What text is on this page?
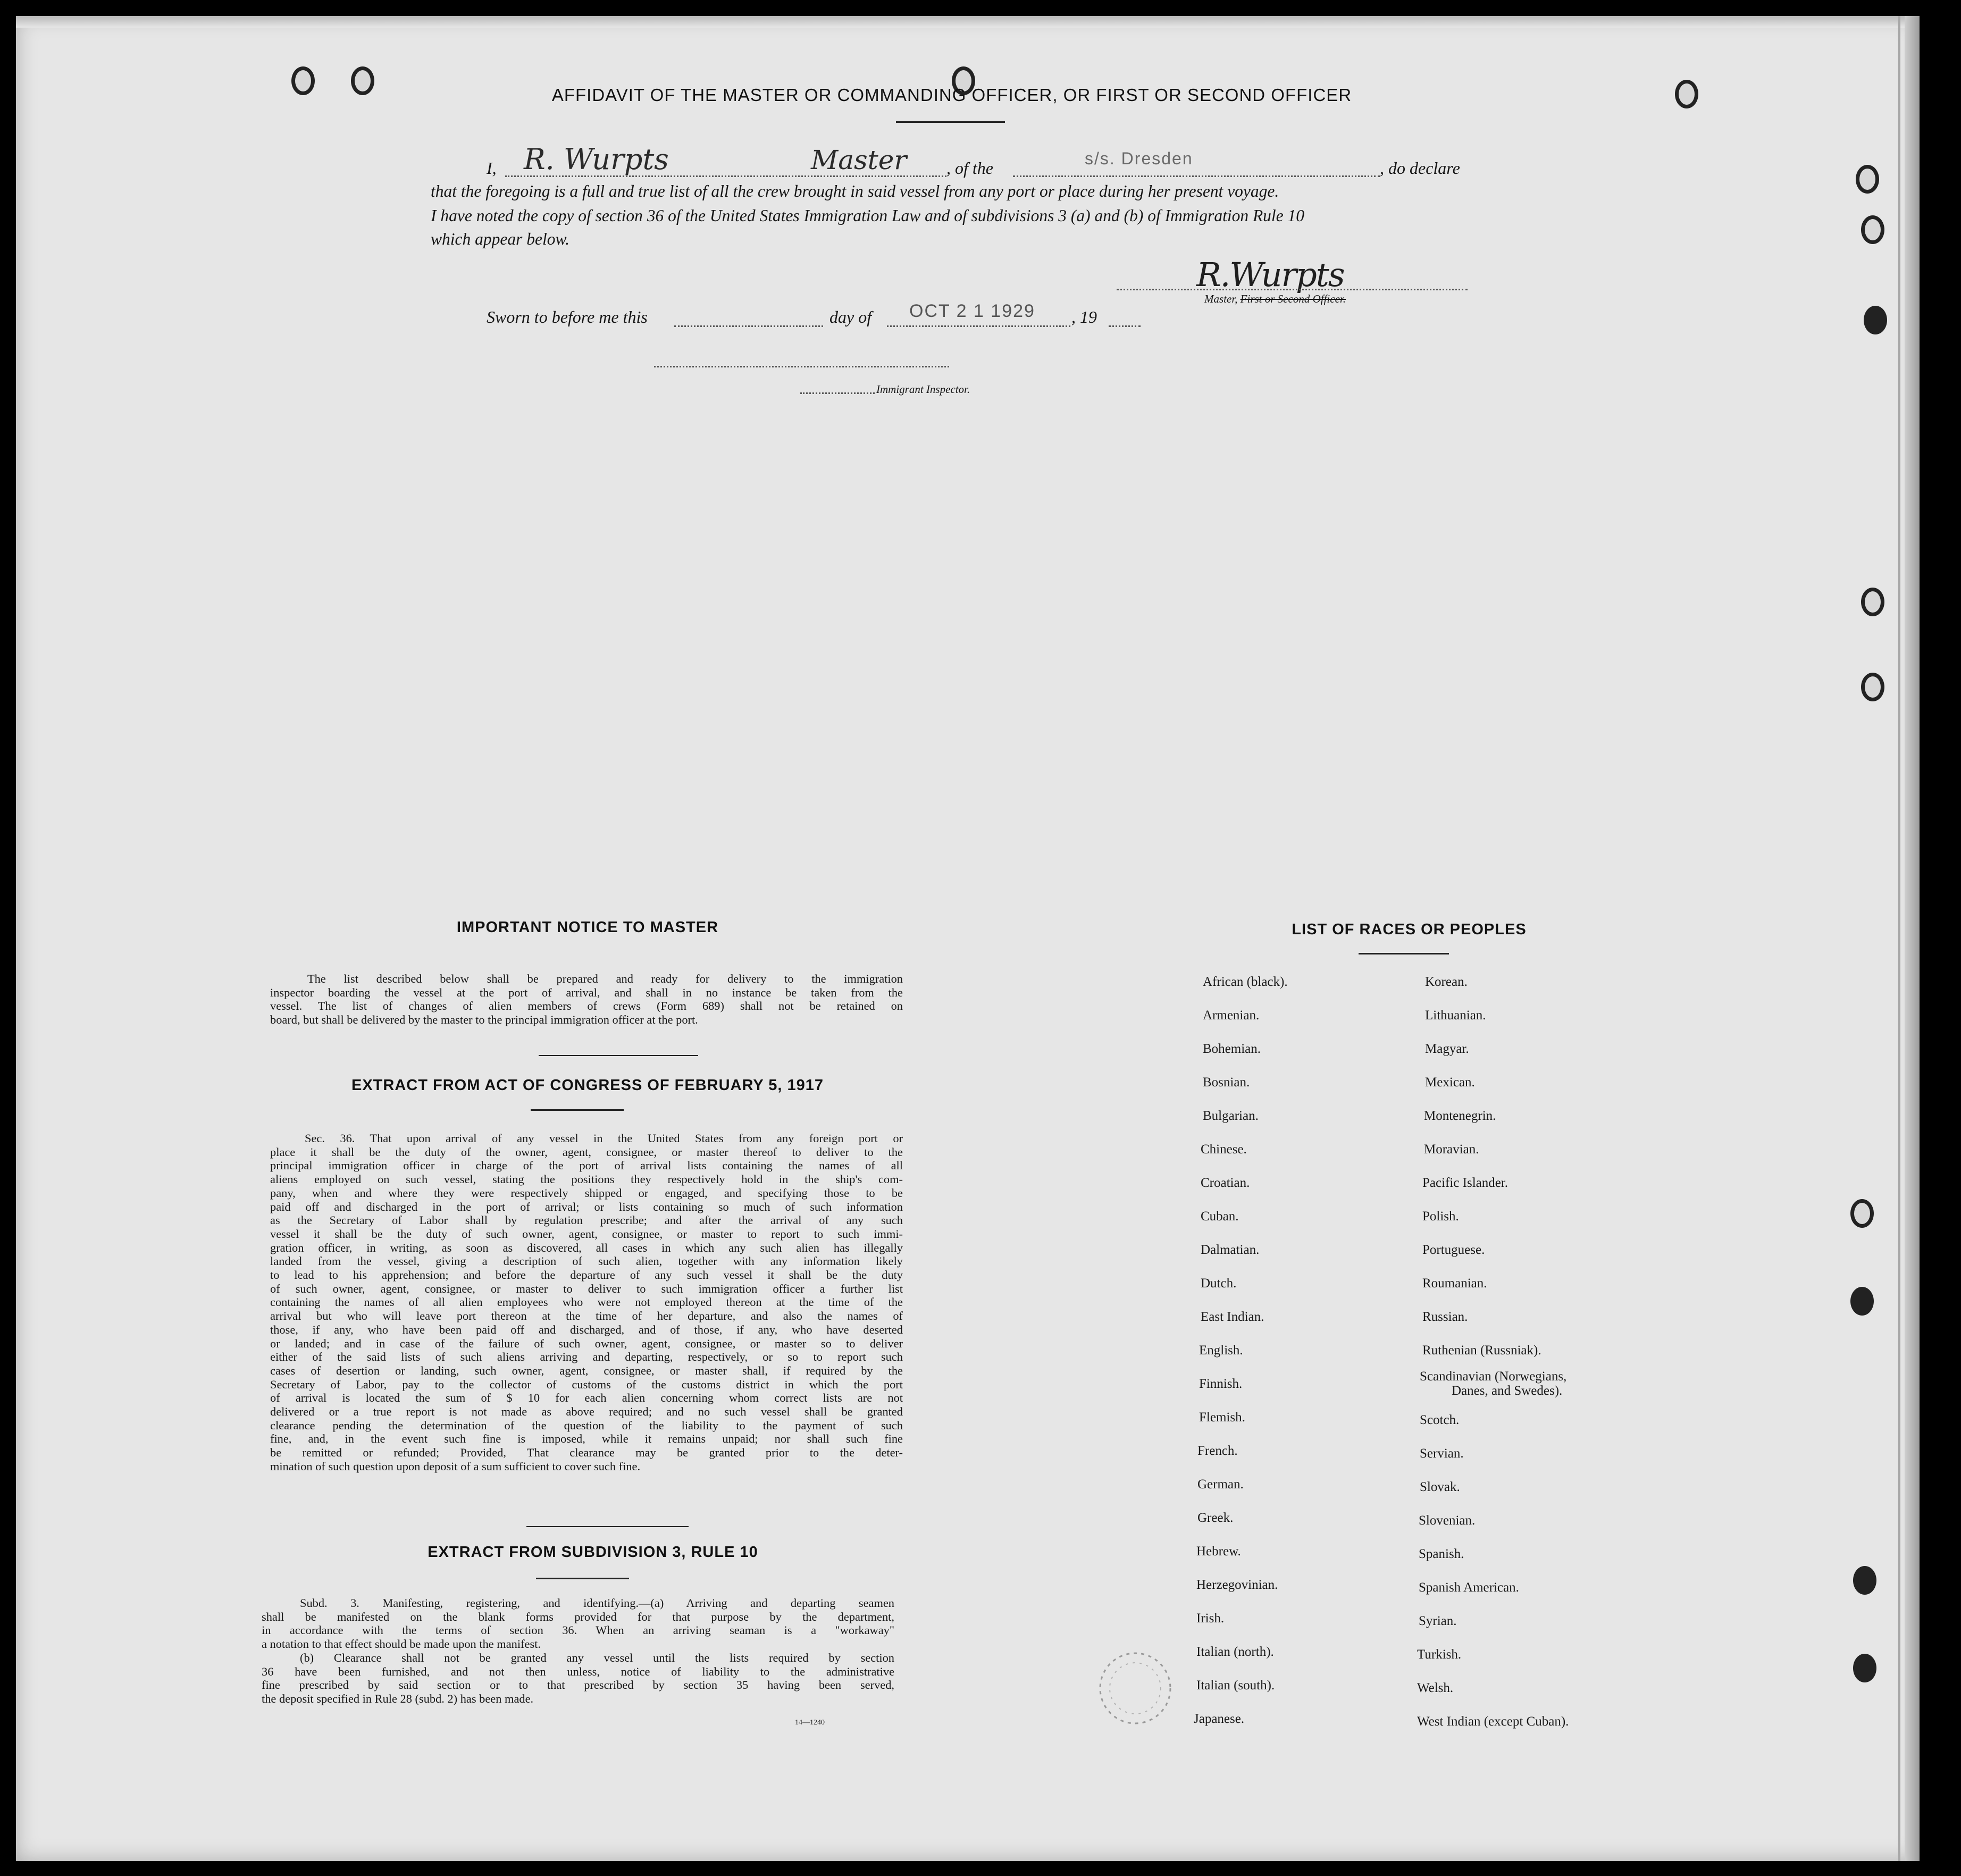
AFFIDAVIT OF THE MASTER OR COMMANDING OFFICER, OR FIRST OR SECOND OFFICER
I, R. Wurpts	Master , of the	s/s. Dresden	, do declare
that the foregoing is a full and true list of all the crew brought in said vessel from any port or place during her present voyage.
I have noted the copy of section 36 of the United States Immigration Law and of subdivisions 3 (a) and (b) of Immigration Rule 10
which appear below.
R.Wurpts
Master, First or Second Officer.
Sworn to before me this	day of OCT 2 1 1929 , 19
Immigrant Inspector.
IMPORTANT NOTICE TO MASTER
The list described below shall be prepared and ready for delivery to the immigration
inspector boarding the vessel at the port of arrival, and shall in no instance be taken from the
vessel. The list of changes of alien members of crews (Form 689) shall not be retained on
board, but shall be delivered by the master to the principal immigration officer at the port.
EXTRACT FROM ACT OF CONGRESS OF FEBRUARY 5, 1917
Sec. 36. That upon arrival of any vessel in the United States from any foreign port or
place it shall be the duty of the owner, agent, consignee, or master thereof to deliver to the
principal immigration officer in charge of the port of arrival lists containing the names of all
aliens employed on such vessel, stating the positions they respectively hold in the ship's com-
pany, when and where they were respectively shipped or engaged, and specifying those to be
paid off and discharged in the port of arrival; or lists containing so much of such information
as the Secretary of Labor shall by regulation prescribe; and after the arrival of any such
vessel it shall be the duty of such owner, agent, consignee, or master to report to such immi-
gration officer, in writing, as soon as discovered, all cases in which any such alien has illegally
landed from the vessel, giving a description of such alien, together with any information likely
to lead to his apprehension; and before the departure of any such vessel it shall be the duty
of such owner, agent, consignee, or master to deliver to such immigration officer a further list
containing the names of all alien employees who were not employed thereon at the time of the
arrival but who will leave port thereon at the time of her departure, and also the names of
those, if any, who have been paid off and discharged, and of those, if any, who have deserted
or landed; and in case of the failure of such owner, agent, consignee, or master so to deliver
either of the said lists of such aliens arriving and departing, respectively, or so to report such
cases of desertion or landing, such owner, agent, consignee, or master shall, if required by the
Secretary of Labor, pay to the collector of customs of the customs district in which the port
of arrival is located the sum of $ 10 for each alien concerning whom correct lists are not
delivered or a true report is not made as above required; and no such vessel shall be granted
clearance pending the determination of the question of the liability to the payment of such
fine, and, in the event such fine is imposed, while it remains unpaid; nor shall such fine
be remitted or refunded; Provided, That clearance may be granted prior to the deter-
mination of such question upon deposit of a sum sufficient to cover such fine.
EXTRACT FROM SUBDIVISION 3, RULE 10
Subd. 3. Manifesting, registering, and identifying.—(a) Arriving and departing seamen
shall be manifested on the blank forms provided for that purpose by the department,
in accordance with the terms of section 36. When an arriving seaman is a "workaway"
a notation to that effect should be made upon the manifest.
(b) Clearance shall not be granted any vessel until the lists required by section
36 have been furnished, and not then unless, notice of liability to the administrative
fine prescribed by said section or to that prescribed by section 35 having been served,
the deposit specified in Rule 28 (subd. 2) has been made.
14—1240
LIST OF RACES OR PEOPLES
African (black).
Armenian.
Bohemian.
Bosnian.
Bulgarian.
Chinese.
Croatian.
Cuban.
Dalmatian.
Dutch.
East Indian.
English.
Finnish.
Flemish.
French.
German.
Greek.
Hebrew.
Herzegovinian.
Irish.
Italian (north).
Italian (south).
Japanese.
Korean.
Lithuanian.
Magyar.
Mexican.
Montenegrin.
Moravian.
Pacific Islander.
Polish.
Portuguese.
Roumanian.
Russian.
Ruthenian (Russniak).
Scandinavian (Norwegians,
Danes, and Swedes).
Scotch.
Servian.
Slovak.
Slovenian.
Spanish.
Spanish American.
Syrian.
Turkish.
Welsh.
West Indian (except Cuban).
